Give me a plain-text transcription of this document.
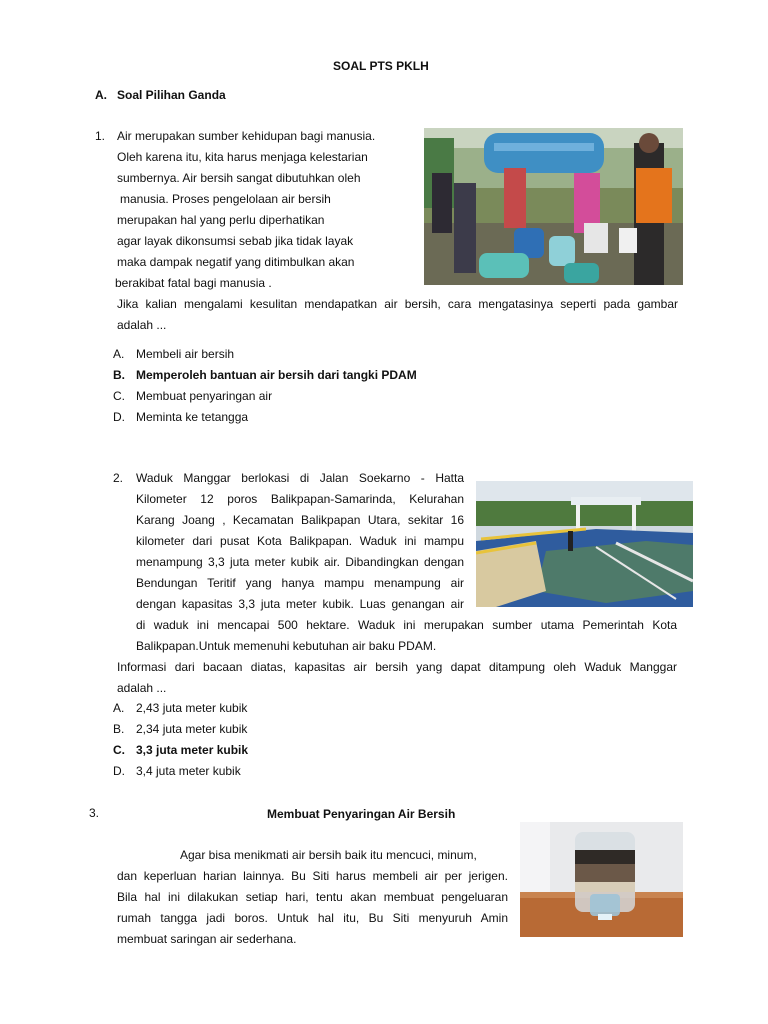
SOAL PTS PKLH
A. Soal Pilihan Ganda
1. Air merupakan sumber kehidupan bagi manusia.
Oleh karena itu, kita harus menjaga kelestarian
sumbernya. Air bersih sangat dibutuhkan oleh
manusia. Proses pengelolaan air bersih
merupakan hal yang perlu diperhatikan
agar layak dikonsumsi sebab jika tidak layak
maka dampak negatif yang ditimbulkan akan
berakibat fatal bagi manusia .
Jika kalian mengalami kesulitan mendapatkan air bersih, cara mengatasinya seperti pada gambar
adalah ...
A. Membeli air bersih
B. Memperoleh bantuan air bersih dari tangki PDAM
C. Membuat penyaringan air
D. Meminta ke tetangga
2. Waduk Manggar berlokasi di Jalan Soekarno - Hatta
Kilometer 12 poros Balikpapan-Samarinda, Kelurahan
Karang Joang , Kecamatan Balikpapan Utara, sekitar 16
kilometer dari pusat Kota Balikpapan. Waduk ini mampu
menampung 3,3 juta meter kubik air. Dibandingkan dengan
Bendungan Teritif yang hanya mampu menampung air
dengan kapasitas 3,3 juta meter kubik. Luas genangan air
di waduk ini mencapai 500 hektare. Waduk ini merupakan sumber utama Pemerintah Kota
Balikpapan.Untuk memenuhi kebutuhan air baku PDAM.
Informasi dari bacaan diatas, kapasitas air bersih yang dapat ditampung oleh Waduk Manggar
adalah ...
A. 2,43 juta meter kubik
B. 2,34 juta meter kubik
C. 3,3 juta meter kubik
D. 3,4 juta meter kubik
3.	Membuat Penyaringan Air Bersih
Agar bisa menikmati air bersih baik itu mencuci, minum,
dan keperluan harian lainnya. Bu Siti harus membeli air per jerigen.
Bila hal ini dilakukan setiap hari, tentu akan membuat pengeluaran
rumah tangga jadi boros. Untuk hal itu, Bu Siti menyuruh Amin
membuat saringan air sederhana.
